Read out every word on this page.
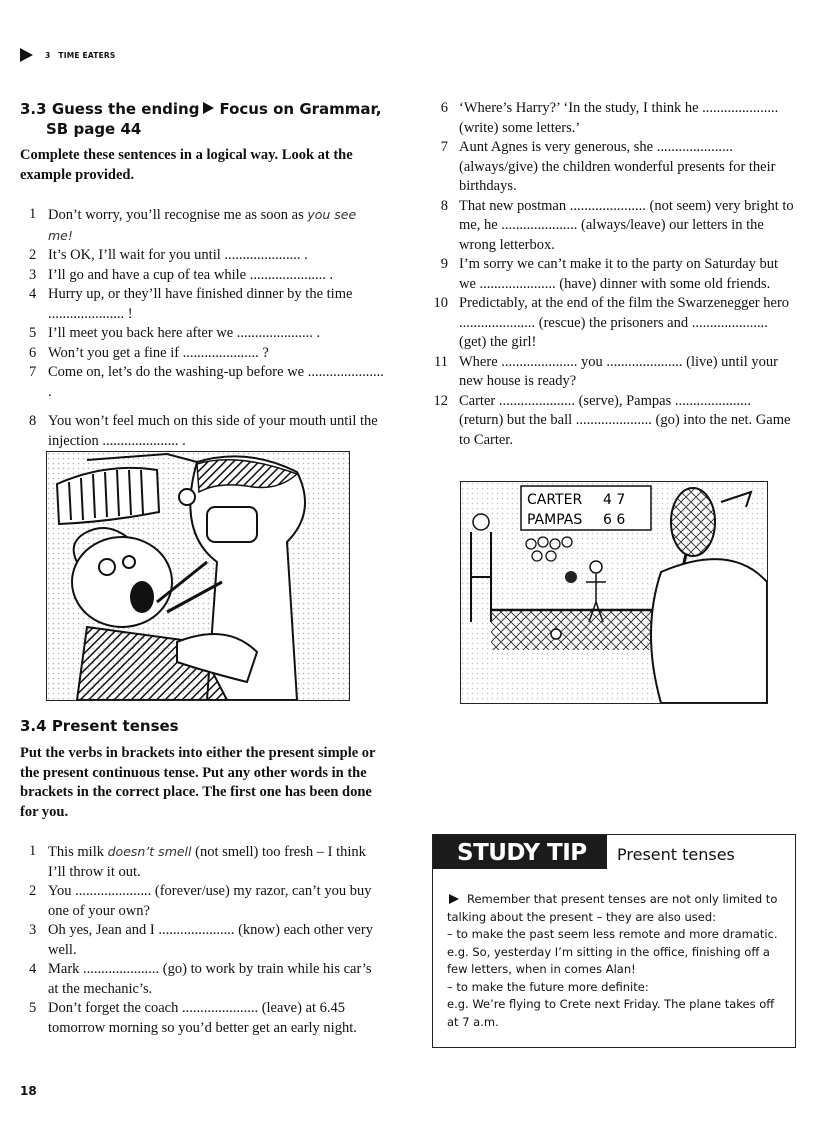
3 TIME EATERS
3.3 Guess the ending Focus on Grammar,
SB page 44
Complete these sentences in a logical way. Look at the example provided.
1 Don’t worry, you’ll recognise me as soon as you see me!
2 It’s OK, I’ll wait for you until ..................... .
3 I’ll go and have a cup of tea while ..................... .
4 Hurry up, or they’ll have finished dinner by the time ..................... !
5 I’ll meet you back here after we ..................... .
6 Won’t you get a fine if ..................... ?
7 Come on, let’s do the washing-up before we ..................... .
8 You won’t feel much on this side of your mouth until the injection ..................... .
6 ‘Where’s Harry?’ ‘In the study, I think he ..................... (write) some letters.’
7 Aunt Agnes is very generous, she ..................... (always/give) the children wonderful presents for their birthdays.
8 That new postman ..................... (not seem) very bright to me, he ..................... (always/leave) our letters in the wrong letterbox.
9 I’m sorry we can’t make it to the party on Saturday but we ..................... (have) dinner with some old friends.
10 Predictably, at the end of the film the Swarzenegger hero ..................... (rescue) the prisoners and ..................... (get) the girl!
11 Where ..................... you ..................... (live) until your new house is ready?
12 Carter ..................... (serve), Pampas ..................... (return) but the ball ..................... (go) into the net. Game to Carter.
CARTER 4 7
PAMPAS 6 6
3.4 Present tenses
Put the verbs in brackets into either the present simple or the present continuous tense. Put any other words in the brackets in the correct place. The first one has been done for you.
1 This milk doesn’t smell (not smell) too fresh – I think I’ll throw it out.
2 You ..................... (forever/use) my razor, can’t you buy one of your own?
3 Oh yes, Jean and I ..................... (know) each other very well.
4 Mark ..................... (go) to work by train while his car’s at the mechanic’s.
5 Don’t forget the coach ..................... (leave) at 6.45 tomorrow morning so you’d better get an early night.
STUDY TIP Present tenses

Remember that present tenses are not only limited to talking about the present – they are also used:

– to make the past seem less remote and more dramatic.

e.g. So, yesterday I’m sitting in the office, finishing off a few letters, when in comes Alan!

– to make the future more definite:

e.g. We’re flying to Crete next Friday. The plane takes off at 7 a.m.

18
